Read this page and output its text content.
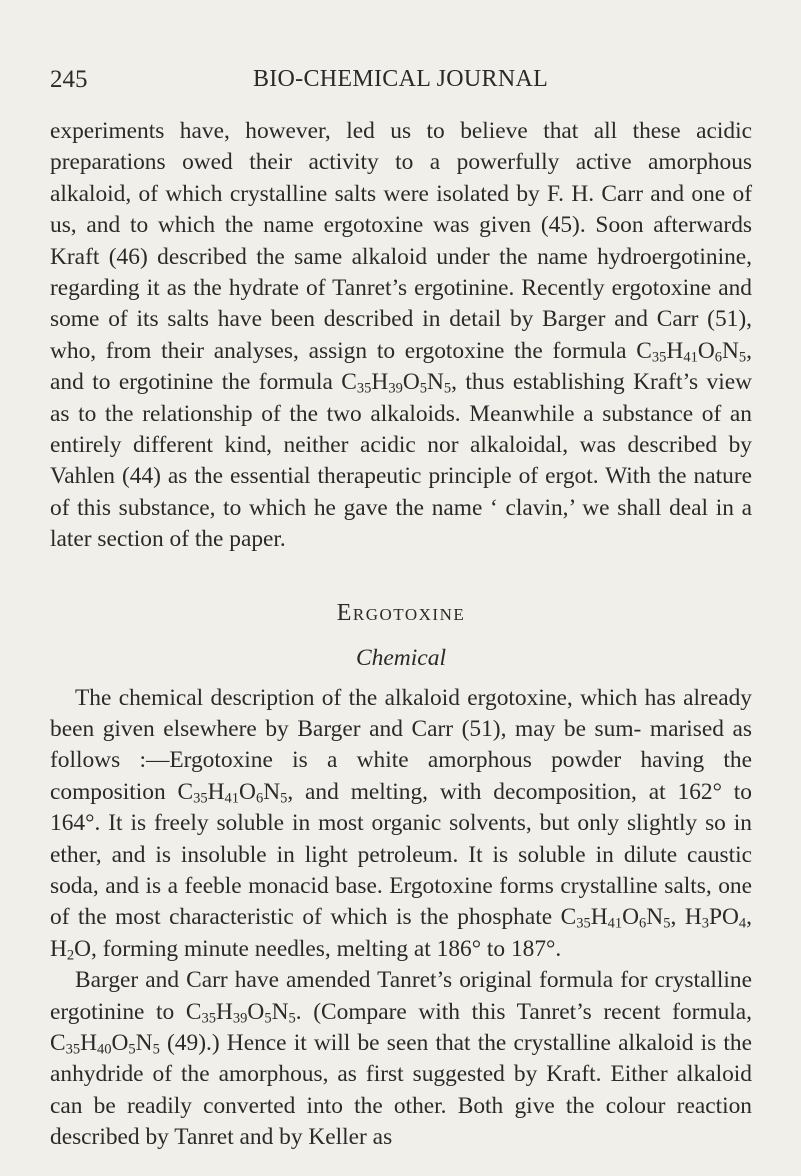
245	BIO-CHEMICAL JOURNAL

experiments have, however, led us to believe that all these acidic preparations owed their activity to a powerfully active amorphous alkaloid, of which crystalline salts were isolated by F. H. Carr and one of us, and to which the name ergotoxine was given (45). Soon afterwards Kraft (46) described the same alkaloid under the name hydroergotinine, regarding it as the hydrate of Tanret’s ergotinine. Recently ergotoxine and some of its salts have been described in detail by Barger and Carr (51), who, from their analyses, assign to ergotoxine the formula $C_{35}H_{41}O_6N_5$, and to ergotinine the formula $C_{35}H_{39}O_5N_5$, thus establishing Kraft’s view as to the relationship of the two alkaloids. Meanwhile a substance of an entirely different kind, neither acidic nor alkaloidal, was described by Vahlen (44) as the essential therapeutic principle of ergot. With the nature of this substance, to which he gave the name ‘ clavin,’ we shall deal in a later section of the paper.

Ergotoxine
Chemical

The chemical description of the alkaloid ergotoxine, which has already been given elsewhere by Barger and Carr (51), may be sum- marised as follows :—Ergotoxine is a white amorphous powder having the composition $C_{35}H_{41}O_6N_5$, and melting, with decomposition, at 162° to 164°. It is freely soluble in most organic solvents, but only slightly so in ether, and is insoluble in light petroleum. It is soluble in dilute caustic soda, and is a feeble monacid base. Ergotoxine forms crystalline salts, one of the most characteristic of which is the phosphate $C_{35}H_{41}O_6N_5$, $H_3PO_4$, $H_2O$, forming minute needles, melting at 186° to 187°.

Barger and Carr have amended Tanret’s original formula for crystalline ergotinine to $C_{35}H_{39}O_5N_5$. (Compare with this Tanret’s recent formula, $C_{35}H_{40}O_5N_5$ (49).) Hence it will be seen that the crystalline alkaloid is the anhydride of the amorphous, as first suggested by Kraft. Either alkaloid can be readily converted into the other. Both give the colour reaction described by Tanret and by Keller as
